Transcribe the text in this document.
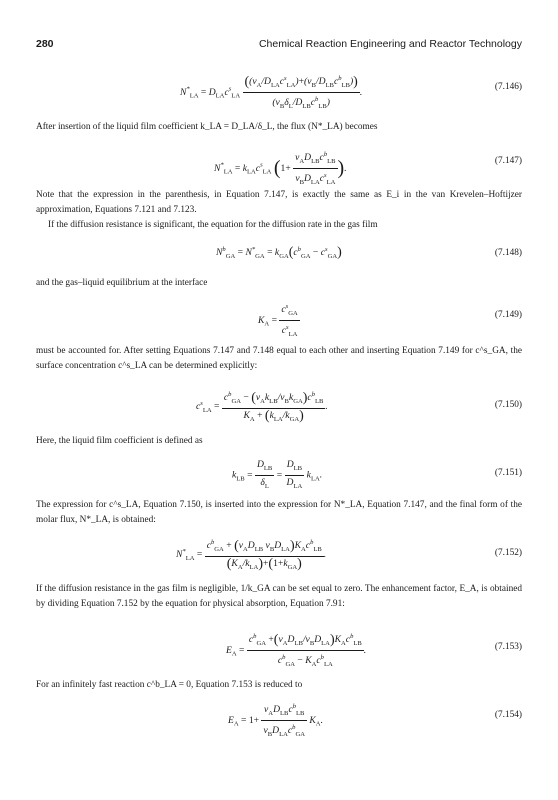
280	Chemical Reaction Engineering and Reactor Technology
$N^*_{LA} = D_{LA}c^s_{LA} \frac{((\nu_A/D_{LA}c^s_{LA})+(\nu_B/D_{LB}c^b_{LB}))}{(\nu_B\delta_L/D_{LB}c^b_{LB})}$ .	(7.146)
After insertion of the liquid film coefficient k_LA = D_LA/δ_L, the flux (N*_LA) becomes
$N^*_{LA} = k_{LA}c^s_{LA}$ ($1+ \frac{\nu_AD_{LB}c^b_{LB}}{\nu_BD_{LA}c^s_{LA}}$ ).
(7.147)
Note that the expression in the parenthesis, in Equation 7.147, is exactly the same as E_i in the van Krevelen–Hoftijzer approximation, Equations 7.121 and 7.123.
If the diffusion resistance is significant, the equation for the diffusion rate in the gas film
$N^b_{GA} = N^*_{GA} = k_{GA}(c^b_{GA} - c^s_{GA})$	(7.148)
and the gas–liquid equilibrium at the interface
$K_A = \frac{c^s_{GA}}{c^s_{LA}}$	(7.149)
must be accounted for. After setting Equations 7.147 and 7.148 equal to each other and inserting Equation 7.149 for c^s_GA, the surface concentration c^s_LA can be determined explicitly:
$c^s_{LA} = \frac{c^b_{GA} - (\nu_Ak_{LB}/\nu_Bk_{GA})c^b_{LB}}{K_A + (k_{LA}/k_{GA})}$ .	(7.150)
Here, the liquid film coefficient is defined as
$k_{LB} = \frac{D_{LB}}{\delta_L} = \frac{D_{LB}}{D_{LA}} k_{LA}$.	(7.151)
The expression for c^s_LA, Equation 7.150, is inserted into the expression for N*_LA, Equation 7.147, and the final form of the molar flux, N*_LA, is obtained:
$N^*_{LA} = \frac{c^b_{GA} + (\nu_AD_{LB} \nu_BD_{LA})K_Ac^b_{LB}}{(K_A/k_{LA})+(1+k_{GA})}$ .	(7.152)
If the diffusion resistance in the gas film is negligible, 1/k_GA can be set equal to zero. The enhancement factor, E_A, is obtained by dividing Equation 7.152 by the equation for physical absorption, Equation 7.91:
$E_A = \frac{c^b_{GA} +(\nu_AD_{LB}/\nu_BD_{LA})K_Ac^b_{LB}}{c^b_{GA} - K_Ac^b_{LA}}$ .	(7.153)
For an infinitely fast reaction c^b_LA = 0, Equation 7.153 is reduced to
$E_A = 1+ \frac{\nu_AD_{LB}c^b_{LB}}{\nu_BD_{LA}c^b_{GA}} K_A$.	(7.154)
